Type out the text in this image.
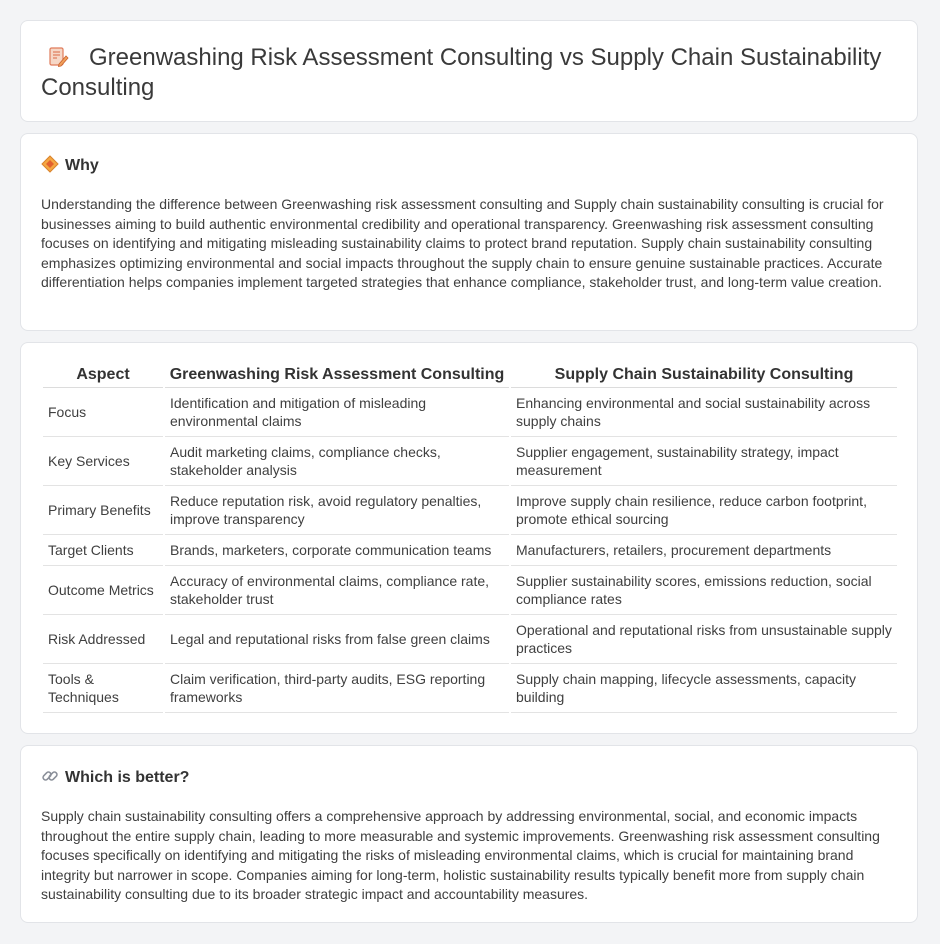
Greenwashing Risk Assessment Consulting vs Supply Chain Sustainability Consulting
Why

Understanding the difference between Greenwashing risk assessment consulting and Supply chain sustainability consulting is crucial for businesses aiming to build authentic environmental credibility and operational transparency. Greenwashing risk assessment consulting focuses on identifying and mitigating misleading sustainability claims to protect brand reputation. Supply chain sustainability consulting emphasizes optimizing environmental and social impacts throughout the supply chain to ensure genuine sustainable practices. Accurate differentiation helps companies implement targeted strategies that enhance compliance, stakeholder trust, and long-term value creation.

Aspect	Greenwashing Risk Assessment Consulting	Supply Chain Sustainability Consulting
Focus	Identification and mitigation of misleading environmental claims	Enhancing environmental and social sustainability across supply chains
Key Services	Audit marketing claims, compliance checks, stakeholder analysis	Supplier engagement, sustainability strategy, impact measurement
Primary Benefits	Reduce reputation risk, avoid regulatory penalties, improve transparency	Improve supply chain resilience, reduce carbon footprint, promote ethical sourcing
Target Clients	Brands, marketers, corporate communication teams	Manufacturers, retailers, procurement departments
Outcome Metrics	Accuracy of environmental claims, compliance rate, stakeholder trust	Supplier sustainability scores, emissions reduction, social compliance rates
Risk Addressed	Legal and reputational risks from false green claims	Operational and reputational risks from unsustainable supply practices
Tools & Techniques	Claim verification, third-party audits, ESG reporting frameworks	Supply chain mapping, lifecycle assessments, capacity building
Which is better?

Supply chain sustainability consulting offers a comprehensive approach by addressing environmental, social, and economic impacts throughout the entire supply chain, leading to more measurable and systemic improvements. Greenwashing risk assessment consulting focuses specifically on identifying and mitigating the risks of misleading environmental claims, which is crucial for maintaining brand integrity but narrower in scope. Companies aiming for long-term, holistic sustainability results typically benefit more from supply chain sustainability consulting due to its broader strategic impact and accountability measures.
